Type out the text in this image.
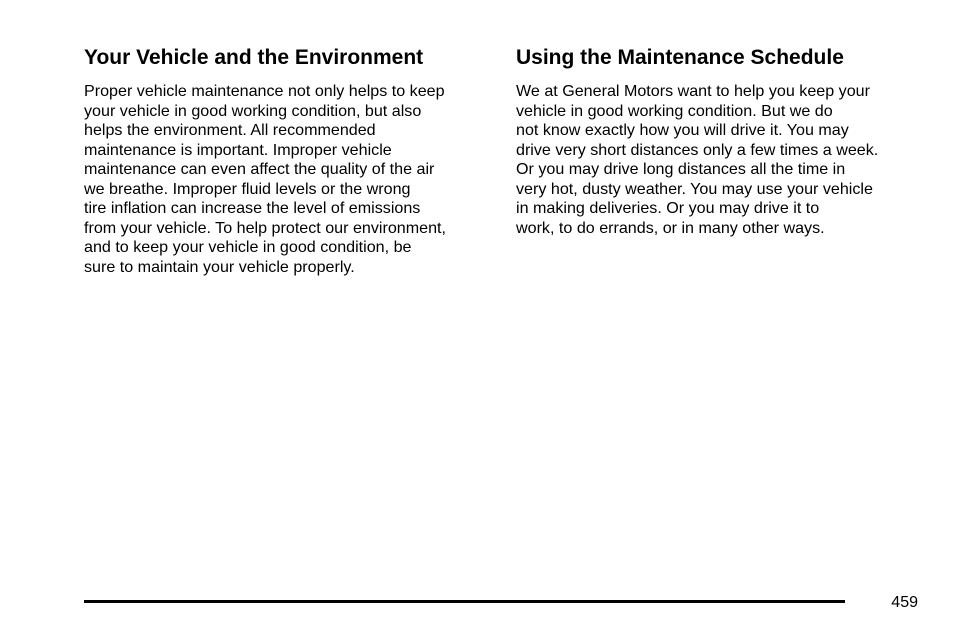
Your Vehicle and the Environment

Proper vehicle maintenance not only helps to keep
your vehicle in good working condition, but also
helps the environment. All recommended
maintenance is important. Improper vehicle
maintenance can even affect the quality of the air
we breathe. Improper fluid levels or the wrong
tire inflation can increase the level of emissions
from your vehicle. To help protect our environment,
and to keep your vehicle in good condition, be
sure to maintain your vehicle properly.

Using the Maintenance Schedule

We at General Motors want to help you keep your
vehicle in good working condition. But we do
not know exactly how you will drive it. You may
drive very short distances only a few times a week.
Or you may drive long distances all the time in
very hot, dusty weather. You may use your vehicle
in making deliveries. Or you may drive it to
work, to do errands, or in many other ways.

459
